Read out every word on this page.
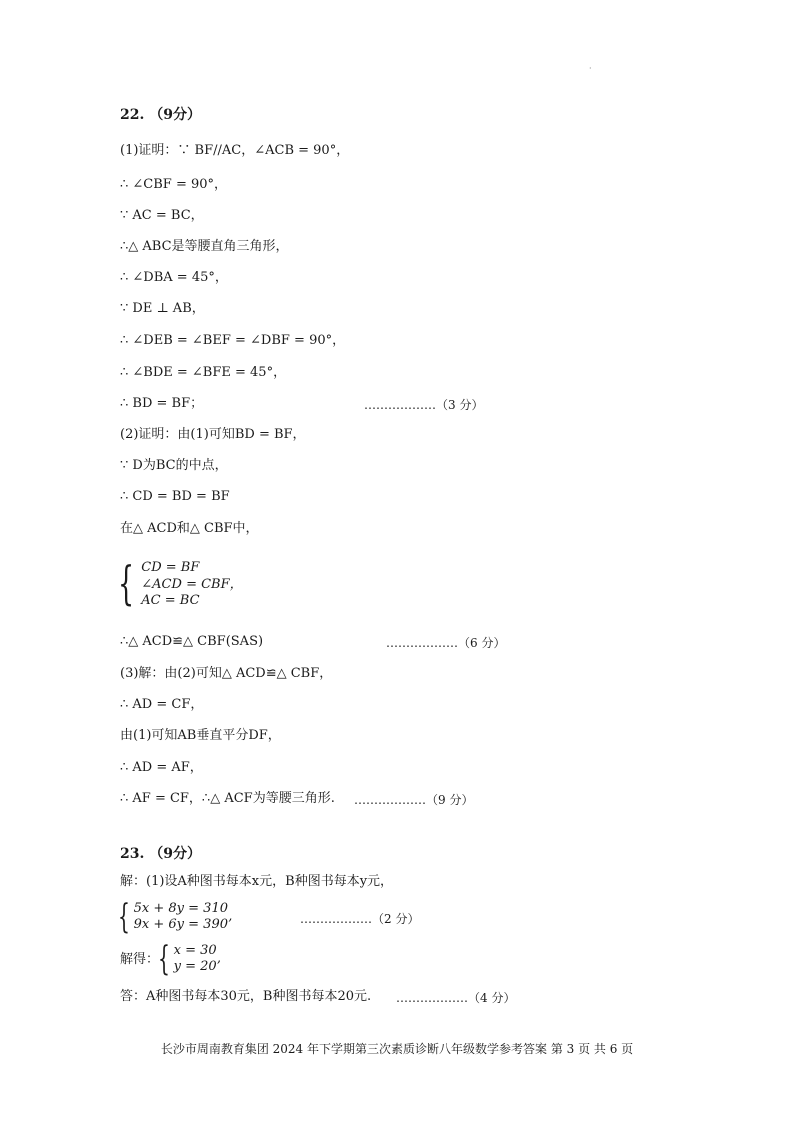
·
22. （9分）
(1)证明：∵ BF//AC，∠ACB = 90°，
∴ ∠CBF = 90°，
∵ AC = BC，
∴△ ABC是等腰直角三角形，
∴ ∠DBA = 45°，
∵ DE ⊥ AB，
∴ ∠DEB = ∠BEF = ∠DBF = 90°，
∴ ∠BDE = ∠BFE = 45°，
∴ BD = BF；	………………（3 分）
(2)证明：由(1)可知BD = BF，
∵ D为BC的中点，
∴ CD = BD = BF
在△ ACD和△ CBF中，
{ CD = BF
∠ACD = CBF，
AC = BC
∴△ ACD≌△ CBF(SAS)	………………（6 分）
(3)解：由(2)可知△ ACD≌△ CBF，
∴ AD = CF，
由(1)可知AB垂直平分DF，
∴ AD = AF，
∴ AF = CF，∴△ ACF为等腰三角形. ………………（9 分）
23. （9分）
解：(1)设A种图书每本x元，B种图书每本y元，
{ 5x + 8y = 310
9x + 6y = 390’	………………（2 分）
解得：
{ x = 30
y = 20’
答：A种图书每本30元，B种图书每本20元. ………………（4 分）
长沙市周南教育集团 2024 年下学期第三次素质诊断八年级数学参考答案 第 3 页 共 6 页
